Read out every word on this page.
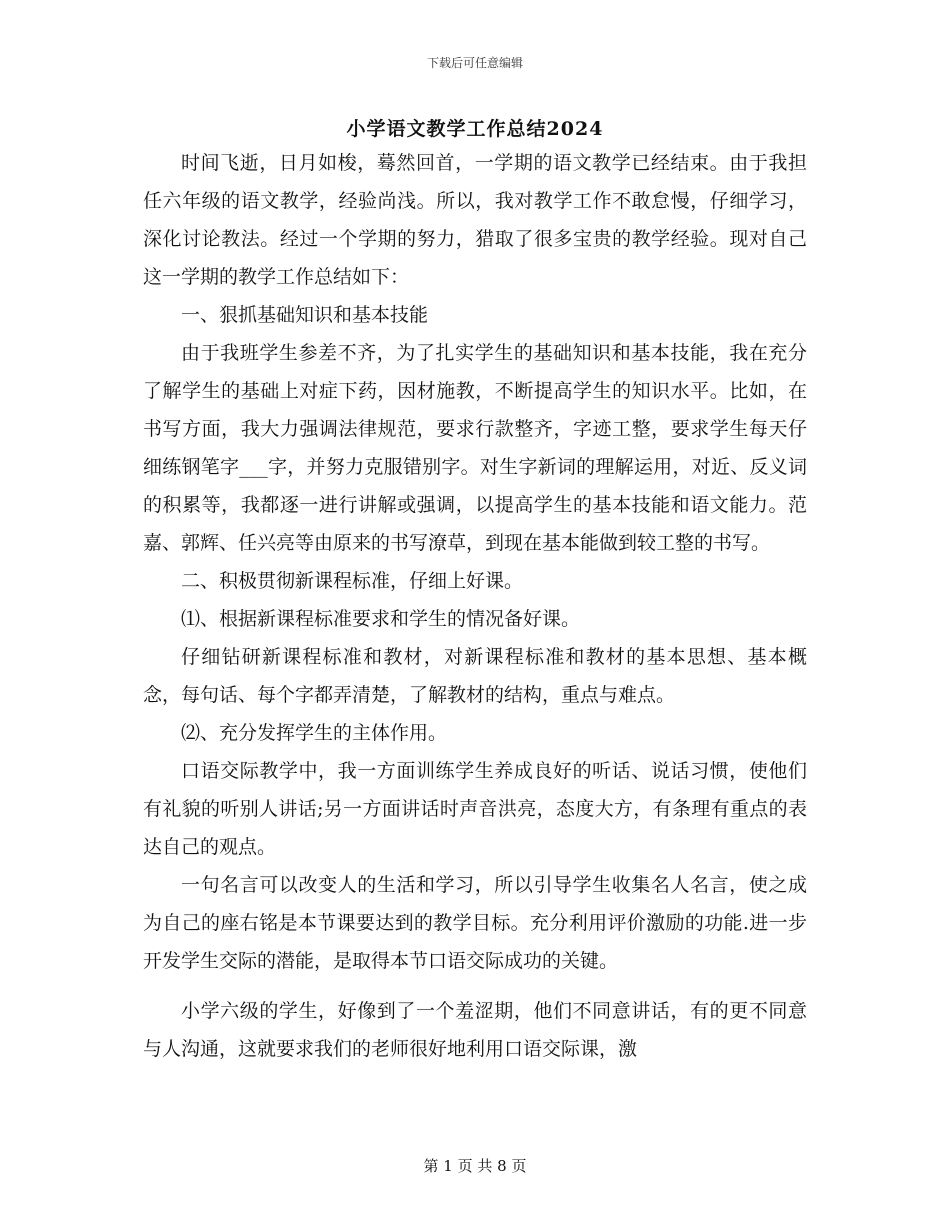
下载后可任意编辑
小学语文教学工作总结2024

时间飞逝，日月如梭，蓦然回首，一学期的语文教学已经结束。由于我担任六年级的语文教学，经验尚浅。所以，我对教学工作不敢怠慢，仔细学习，深化讨论教法。经过一个学期的努力，猎取了很多宝贵的教学经验。现对自己这一学期的教学工作总结如下：

一、狠抓基础知识和基本技能

由于我班学生参差不齐，为了扎实学生的基础知识和基本技能，我在充分了解学生的基础上对症下药，因材施教，不断提高学生的知识水平。比如，在书写方面，我大力强调法律规范，要求行款整齐，字迹工整，要求学生每天仔细练钢笔字___字，并努力克服错别字。对生字新词的理解运用，对近、反义词的积累等，我都逐一进行讲解或强调，以提高学生的基本技能和语文能力。范嘉、郭辉、任兴亮等由原来的书写潦草，到现在基本能做到较工整的书写。

二、积极贯彻新课程标准，仔细上好课。

⑴、根据新课程标准要求和学生的情况备好课。

仔细钻研新课程标准和教材，对新课程标准和教材的基本思想、基本概念，每句话、每个字都弄清楚，了解教材的结构，重点与难点。

⑵、充分发挥学生的主体作用。

口语交际教学中，我一方面训练学生养成良好的听话、说话习惯，使他们有礼貌的听别人讲话;另一方面讲话时声音洪亮，态度大方，有条理有重点的表达自己的观点。

一句名言可以改变人的生活和学习，所以引导学生收集名人名言，使之成为自己的座右铭是本节课要达到的教学目标。充分利用评价激励的功能.进一步开发学生交际的潜能，是取得本节口语交际成功的关键。

小学六级的学生，好像到了一个羞涩期，他们不同意讲话，有的更不同意与人沟通，这就要求我们的老师很好地利用口语交际课，激

第 1 页 共 8 页
